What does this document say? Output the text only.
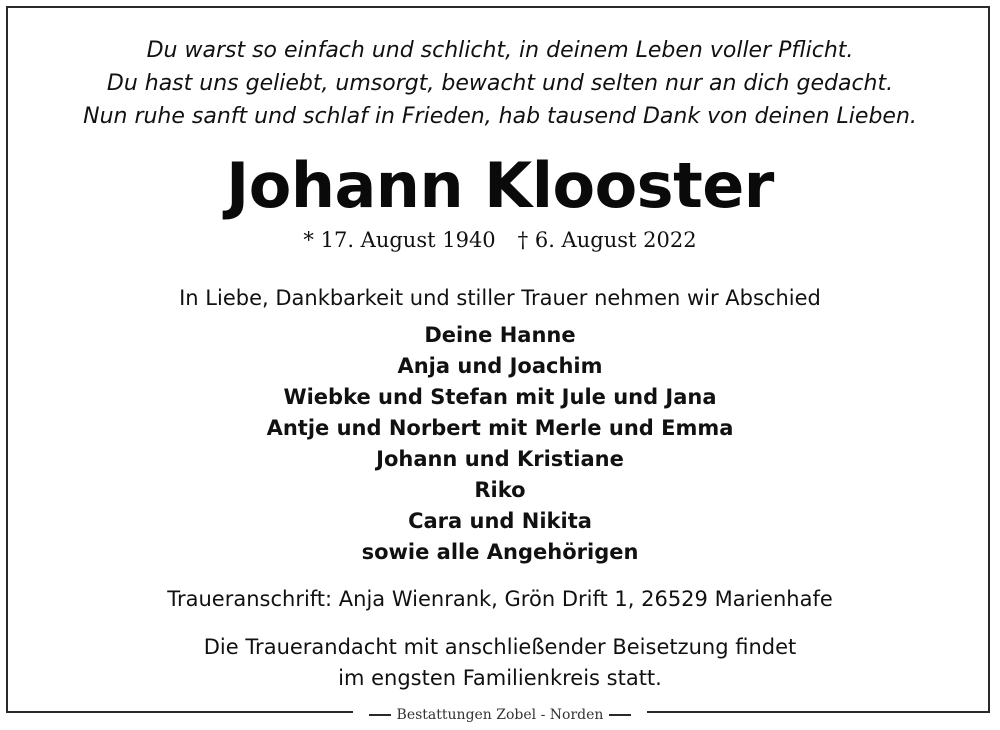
Du warst so einfach und schlicht, in deinem Leben voller Pflicht.
Du hast uns geliebt, umsorgt, bewacht und selten nur an dich gedacht.
Nun ruhe sanft und schlaf in Frieden, hab tausend Dank von deinen Lieben.
Johann Klooster
* 17. August 1940 † 6. August 2022
In Liebe, Dankbarkeit und stiller Trauer nehmen wir Abschied
Deine Hanne
Anja und Joachim
Wiebke und Stefan mit Jule und Jana
Antje und Norbert mit Merle und Emma
Johann und Kristiane
Riko
Cara und Nikita
sowie alle Angehörigen
Traueranschrift: Anja Wienrank, Grön Drift 1, 26529 Marienhafe
Die Trauerandacht mit anschließender Beisetzung findet
im engsten Familienkreis statt.
Bestattungen Zobel - Norden
